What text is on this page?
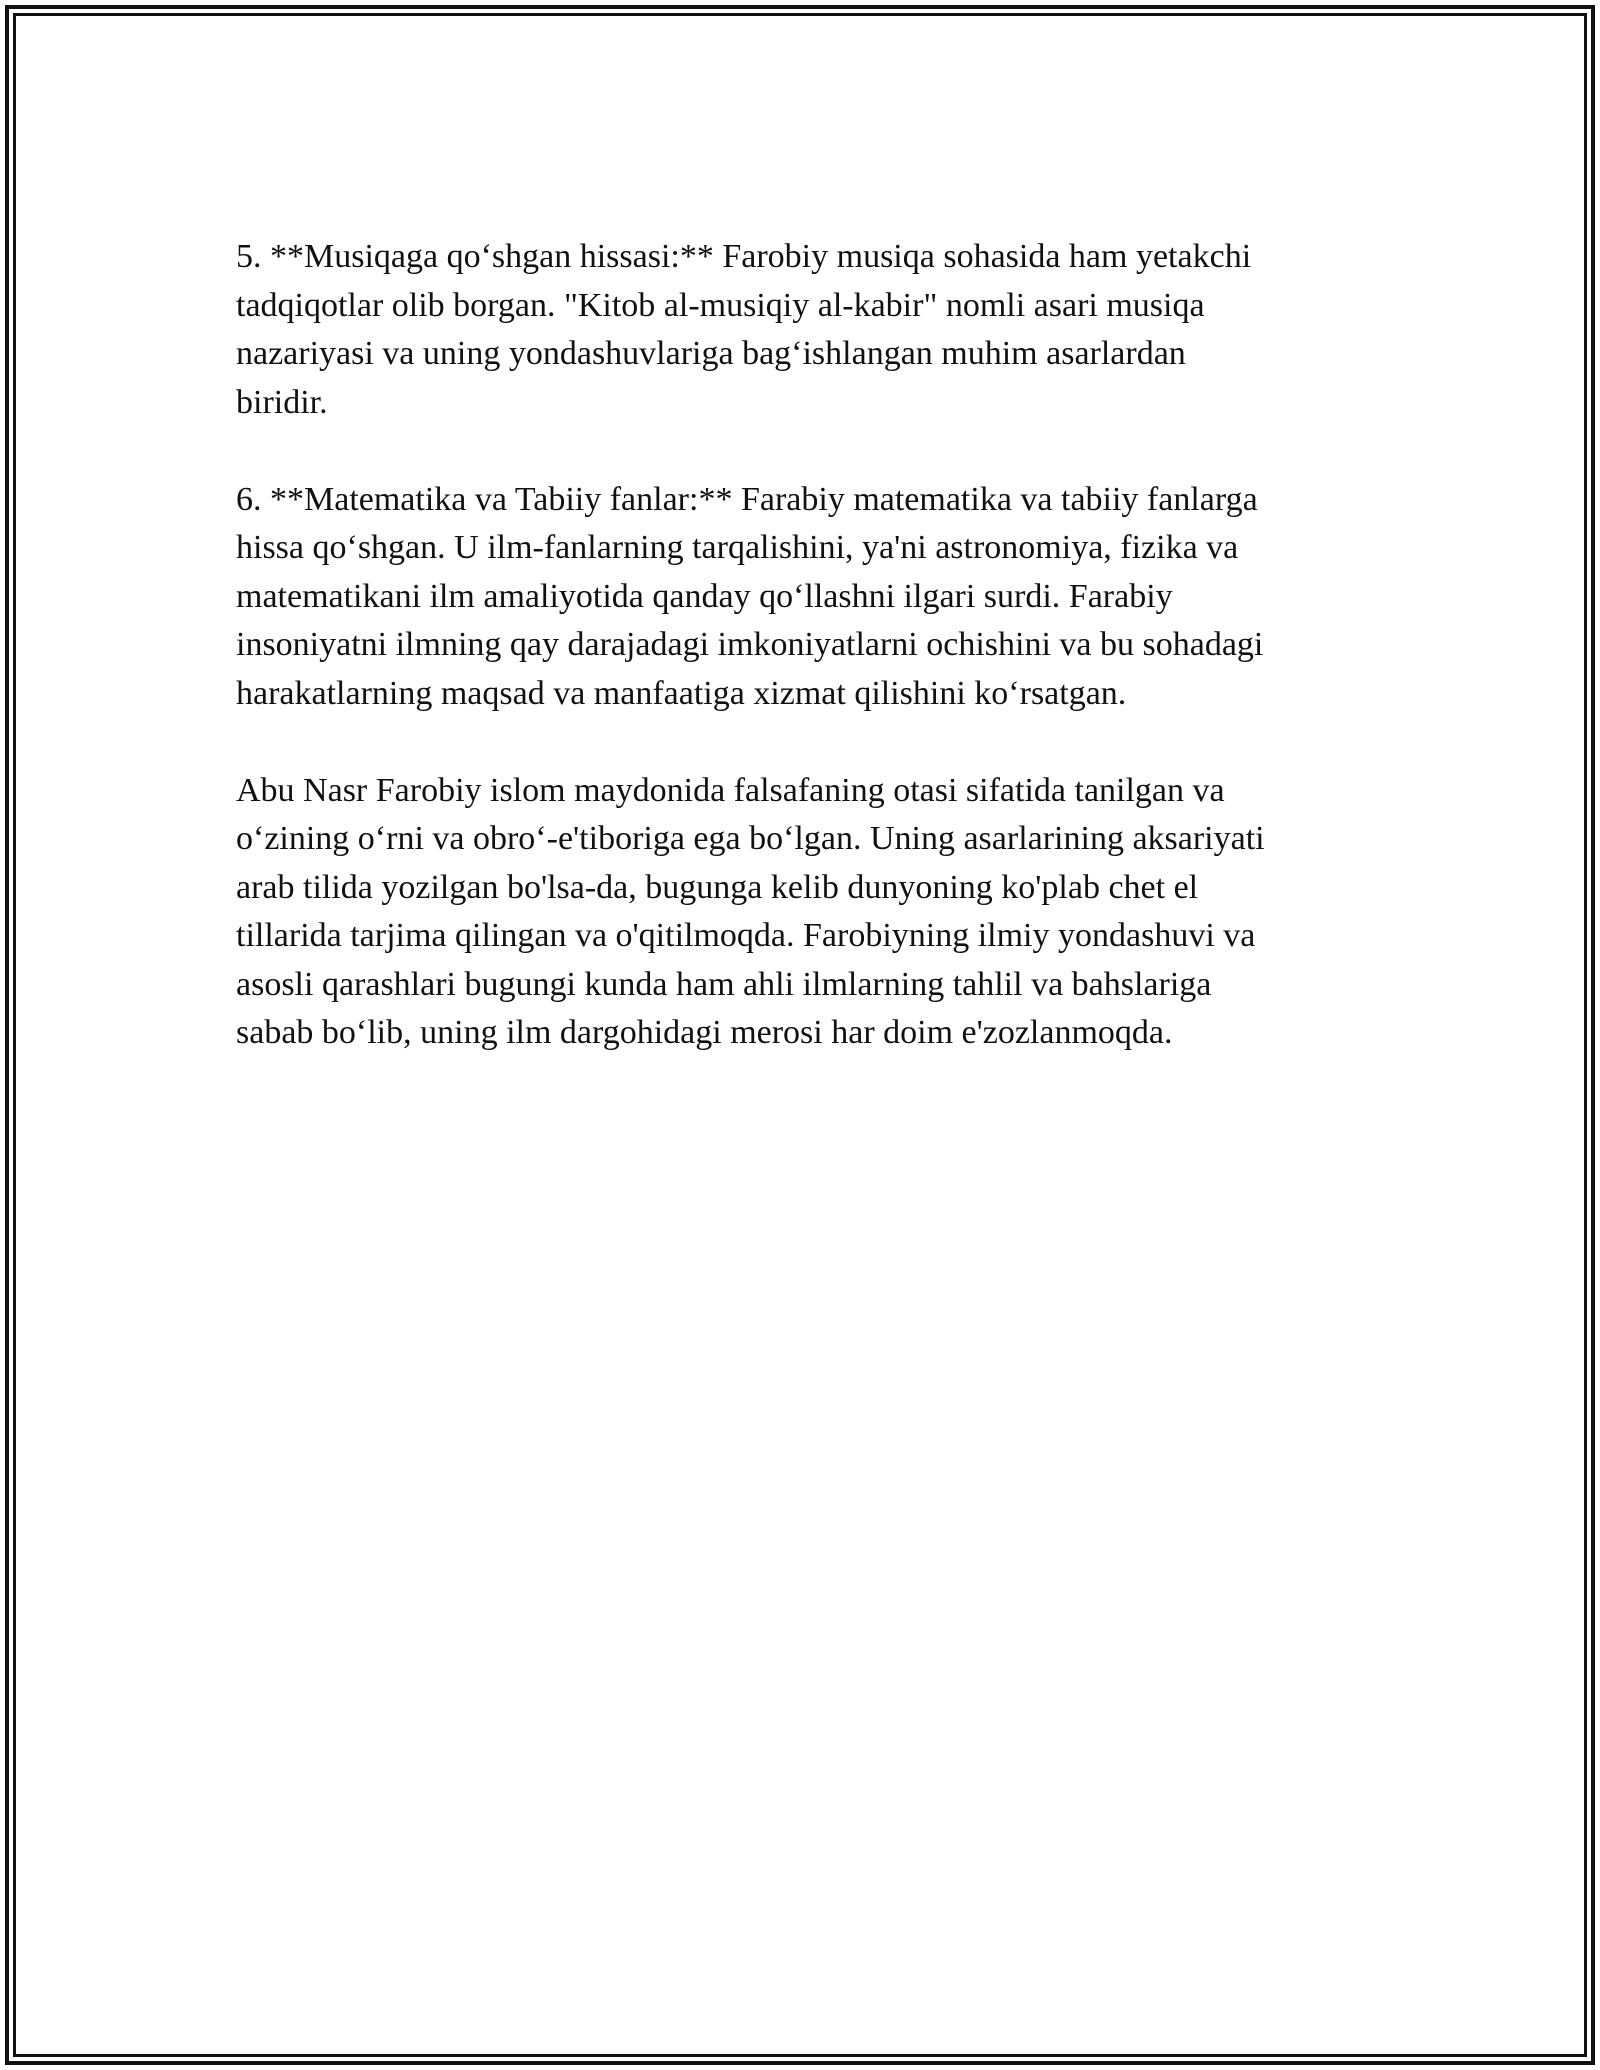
5. **Musiqaga qo‘shgan hissasi:** Farobiy musiqa sohasida ham yetakchi
tadqiqotlar olib borgan. "Kitob al-musiqiy al-kabir" nomli asari musiqa
nazariyasi va uning yondashuvlariga bag‘ishlangan muhim asarlardan
biridir.

6. **Matematika va Tabiiy fanlar:** Farabiy matematika va tabiiy fanlarga
hissa qo‘shgan. U ilm-fanlarning tarqalishini, ya'ni astronomiya, fizika va
matematikani ilm amaliyotida qanday qo‘llashni ilgari surdi. Farabiy
insoniyatni ilmning qay darajadagi imkoniyatlarni ochishini va bu sohadagi
harakatlarning maqsad va manfaatiga xizmat qilishini ko‘rsatgan.

Abu Nasr Farobiy islom maydonida falsafaning otasi sifatida tanilgan va
o‘zining o‘rni va obro‘-e'tiboriga ega bo‘lgan. Uning asarlarining aksariyati
arab tilida yozilgan bo'lsa-da, bugunga kelib dunyoning ko'plab chet el
tillarida tarjima qilingan va o'qitilmoqda. Farobiyning ilmiy yondashuvi va
asosli qarashlari bugungi kunda ham ahli ilmlarning tahlil va bahslariga
sabab bo‘lib, uning ilm dargohidagi merosi har doim e'zozlanmoqda.
